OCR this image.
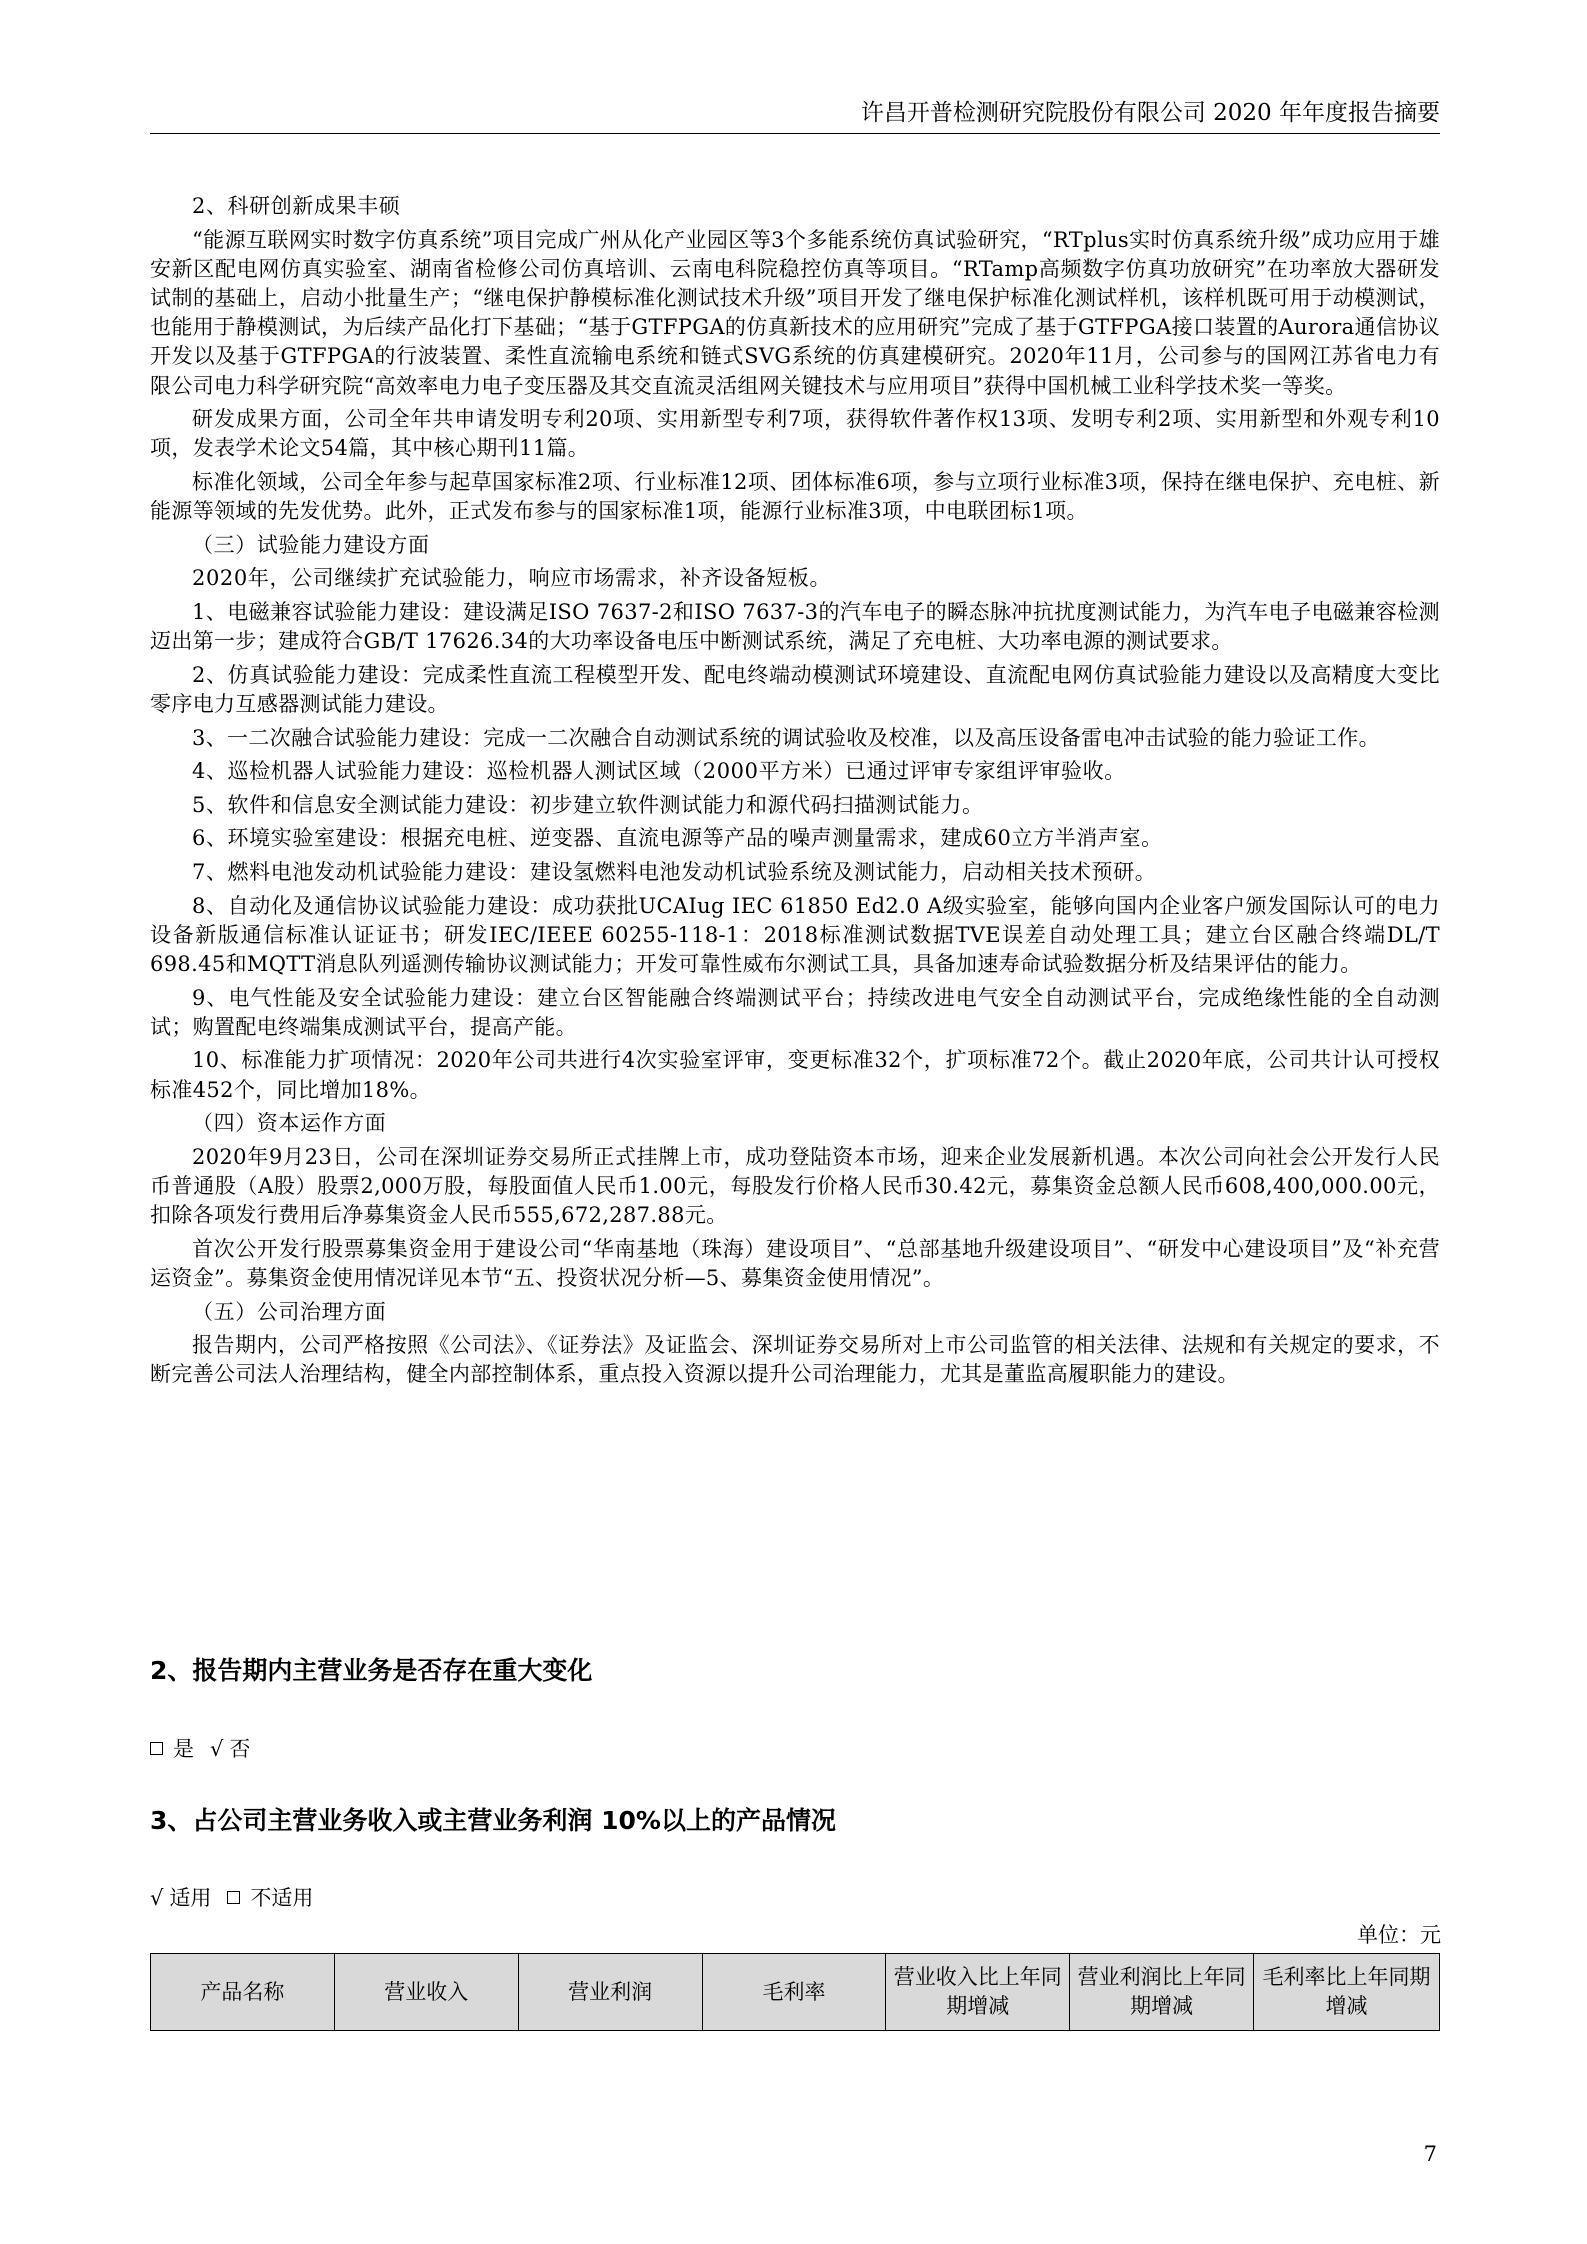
许昌开普检测研究院股份有限公司 2020 年年度报告摘要

2、科研创新成果丰硕

“能源互联网实时数字仿真系统”项目完成广州从化产业园区等3个多能系统仿真试验研究，“RTplus实时仿真系统升级”成功应用于雄安新区配电网仿真实验室、湖南省检修公司仿真培训、云南电科院稳控仿真等项目。“RTamp高频数字仿真功放研究”在功率放大器研发试制的基础上，启动小批量生产；“继电保护静模标准化测试技术升级”项目开发了继电保护标准化测试样机，该样机既可用于动模测试，也能用于静模测试，为后续产品化打下基础；“基于GTFPGA的仿真新技术的应用研究”完成了基于GTFPGA接口装置的Aurora通信协议开发以及基于GTFPGA的行波装置、柔性直流输电系统和链式SVG系统的仿真建模研究。2020年11月，公司参与的国网江苏省电力有限公司电力科学研究院“高效率电力电子变压器及其交直流灵活组网关键技术与应用项目”获得中国机械工业科学技术奖一等奖。

研发成果方面，公司全年共申请发明专利20项、实用新型专利7项，获得软件著作权13项、发明专利2项、实用新型和外观专利10项，发表学术论文54篇，其中核心期刊11篇。

标准化领域，公司全年参与起草国家标准2项、行业标准12项、团体标准6项，参与立项行业标准3项，保持在继电保护、充电桩、新能源等领域的先发优势。此外，正式发布参与的国家标准1项，能源行业标准3项，中电联团标1项。

（三）试验能力建设方面

2020年，公司继续扩充试验能力，响应市场需求，补齐设备短板。

1、电磁兼容试验能力建设：建设满足ISO 7637-2和ISO 7637-3的汽车电子的瞬态脉冲抗扰度测试能力，为汽车电子电磁兼容检测迈出第一步；建成符合GB/T 17626.34的大功率设备电压中断测试系统，满足了充电桩、大功率电源的测试要求。

2、仿真试验能力建设：完成柔性直流工程模型开发、配电终端动模测试环境建设、直流配电网仿真试验能力建设以及高精度大变比零序电力互感器测试能力建设。

3、一二次融合试验能力建设：完成一二次融合自动测试系统的调试验收及校准，以及高压设备雷电冲击试验的能力验证工作。

4、巡检机器人试验能力建设：巡检机器人测试区域（2000平方米）已通过评审专家组评审验收。

5、软件和信息安全测试能力建设：初步建立软件测试能力和源代码扫描测试能力。

6、环境实验室建设：根据充电桩、逆变器、直流电源等产品的噪声测量需求，建成60立方半消声室。

7、燃料电池发动机试验能力建设：建设氢燃料电池发动机试验系统及测试能力，启动相关技术预研。

8、自动化及通信协议试验能力建设：成功获批UCAIug IEC 61850 Ed2.0 A级实验室，能够向国内企业客户颁发国际认可的电力设备新版通信标准认证证书；研发IEC/IEEE 60255-118-1：2018标准测试数据TVE误差自动处理工具；建立台区融合终端DL/T 698.45和MQTT消息队列遥测传输协议测试能力；开发可靠性威布尔测试工具，具备加速寿命试验数据分析及结果评估的能力。

9、电气性能及安全试验能力建设：建立台区智能融合终端测试平台；持续改进电气安全自动测试平台，完成绝缘性能的全自动测试；购置配电终端集成测试平台，提高产能。

10、标准能力扩项情况：2020年公司共进行4次实验室评审，变更标准32个，扩项标准72个。截止2020年底，公司共计认可授权标准452个，同比增加18%。

（四）资本运作方面

2020年9月23日，公司在深圳证券交易所正式挂牌上市，成功登陆资本市场，迎来企业发展新机遇。本次公司向社会公开发行人民币普通股（A股）股票2,000万股，每股面值人民币1.00元，每股发行价格人民币30.42元，募集资金总额人民币608,400,000.00元，扣除各项发行费用后净募集资金人民币555,672,287.88元。

首次公开发行股票募集资金用于建设公司“华南基地（珠海）建设项目”、“总部基地升级建设项目”、“研发中心建设项目”及“补充营运资金”。募集资金使用情况详见本节“五、投资状况分析—5、募集资金使用情况”。

（五）公司治理方面

报告期内，公司严格按照《公司法》、《证券法》及证监会、深圳证券交易所对上市公司监管的相关法律、法规和有关规定的要求，不断完善公司法人治理结构，健全内部控制体系，重点投入资源以提升公司治理能力，尤其是董监高履职能力的建设。

2、报告期内主营业务是否存在重大变化
是 √ 否
3、占公司主营业务收入或主营业务利润 10%以上的产品情况
√ 适用 不适用
单位：元
产品名称	营业收入	营业利润	毛利率	营业收入比上年同期增减	营业利润比上年同期增减	毛利率比上年同期增减
7
